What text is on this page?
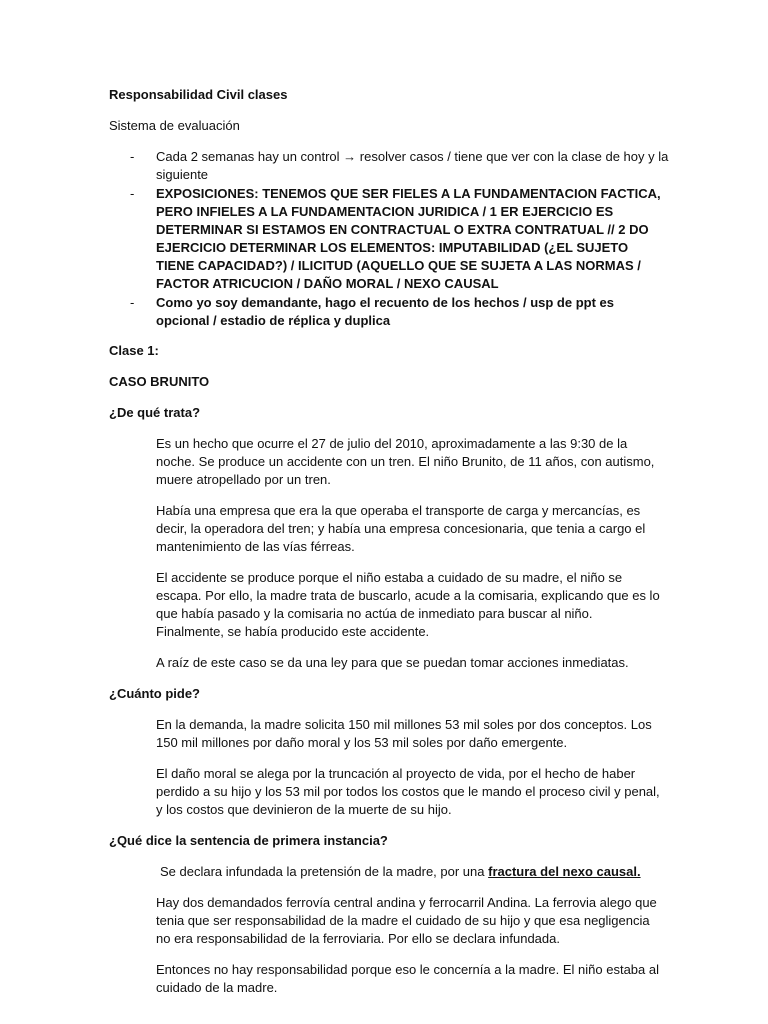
Responsabilidad Civil clases
Sistema de evaluación
- Cada 2 semanas hay un control → resolver casos / tiene que ver con la clase de hoy y la siguiente
- EXPOSICIONES: TENEMOS QUE SER FIELES A LA FUNDAMENTACION FACTICA, PERO INFIELES A LA FUNDAMENTACION JURIDICA / 1 ER EJERCICIO ES DETERMINAR SI ESTAMOS EN CONTRACTUAL O EXTRA CONTRATUAL // 2 DO EJERCICIO DETERMINAR LOS ELEMENTOS: IMPUTABILIDAD (¿EL SUJETO TIENE CAPACIDAD?) / ILICITUD (AQUELLO QUE SE SUJETA A LAS NORMAS / FACTOR ATRICUCION / DAÑO MORAL / NEXO CAUSAL
- Como yo soy demandante, hago el recuento de los hechos / usp de ppt es opcional / estadio de réplica y duplica
Clase 1:
CASO BRUNITO
¿De qué trata?
Es un hecho que ocurre el 27 de julio del 2010, aproximadamente a las 9:30 de la noche. Se produce un accidente con un tren. El niño Brunito, de 11 años, con autismo, muere atropellado por un tren.
Había una empresa que era la que operaba el transporte de carga y mercancías, es decir, la operadora del tren; y había una empresa concesionaria, que tenia a cargo el mantenimiento de las vías férreas.
El accidente se produce porque el niño estaba a cuidado de su madre, el niño se escapa. Por ello, la madre trata de buscarlo, acude a la comisaria, explicando que es lo que había pasado y la comisaria no actúa de inmediato para buscar al niño. Finalmente, se había producido este accidente.
A raíz de este caso se da una ley para que se puedan tomar acciones inmediatas.
¿Cuánto pide?
En la demanda, la madre solicita 150 mil millones 53 mil soles por dos conceptos. Los 150 mil millones por daño moral y los 53 mil soles por daño emergente.
El daño moral se alega por la truncación al proyecto de vida, por el hecho de haber perdido a su hijo y los 53 mil por todos los costos que le mando el proceso civil y penal, y los costos que devinieron de la muerte de su hijo.
¿Qué dice la sentencia de primera instancia?
Se declara infundada la pretensión de la madre, por una fractura del nexo causal.
Hay dos demandados ferrovía central andina y ferrocarril Andina. La ferrovia alego que tenia que ser responsabilidad de la madre el cuidado de su hijo y que esa negligencia no era responsabilidad de la ferroviaria. Por ello se declara infundada.
Entonces no hay responsabilidad porque eso le concernía a la madre. El niño estaba al cuidado de la madre.
